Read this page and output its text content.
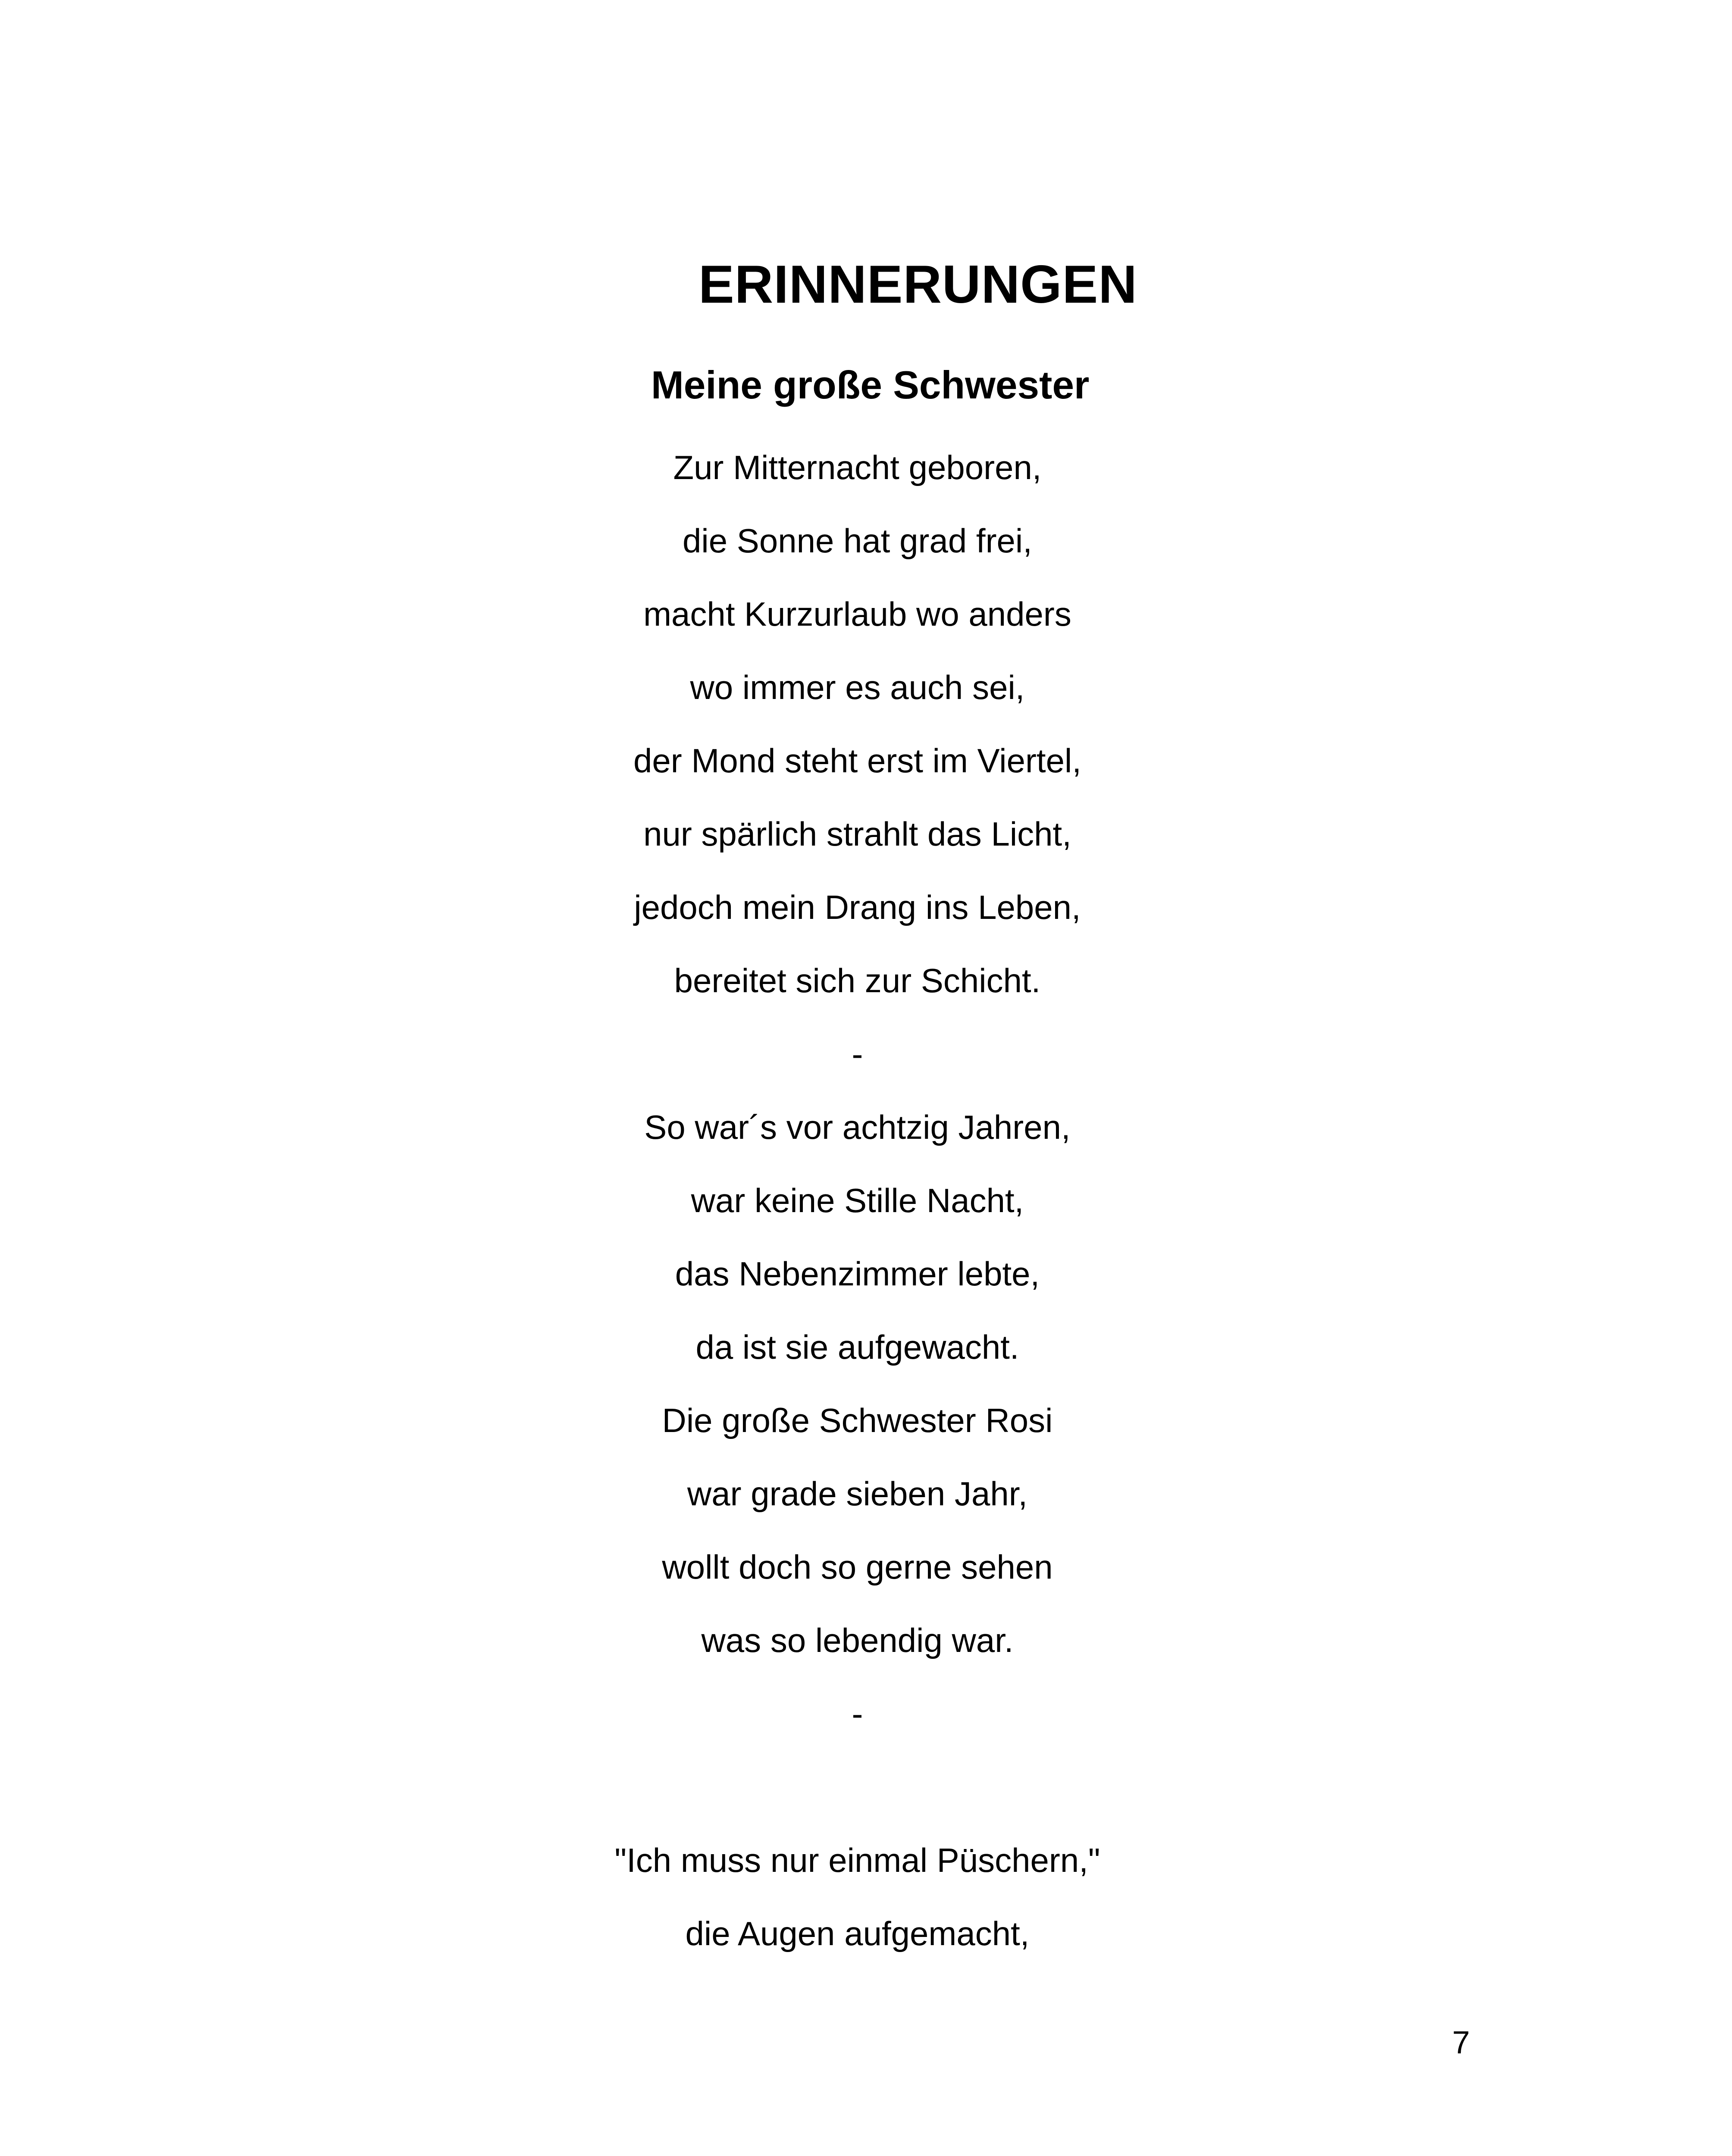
ERINNERUNGEN
Meine große Schwester
Zur Mitternacht geboren,
die Sonne hat grad frei,
macht Kurzurlaub wo anders
wo immer es auch sei,
der Mond steht erst im Viertel,
nur spärlich strahlt das Licht,
jedoch mein Drang ins Leben,
bereitet sich zur Schicht.
-
So war´s vor achtzig Jahren,
war keine Stille Nacht,
das Nebenzimmer lebte,
da ist sie aufgewacht.
Die große Schwester Rosi
war grade sieben Jahr,
wollt doch so gerne sehen
was so lebendig war.
-
"Ich muss nur einmal Püschern,"
die Augen aufgemacht,
7
